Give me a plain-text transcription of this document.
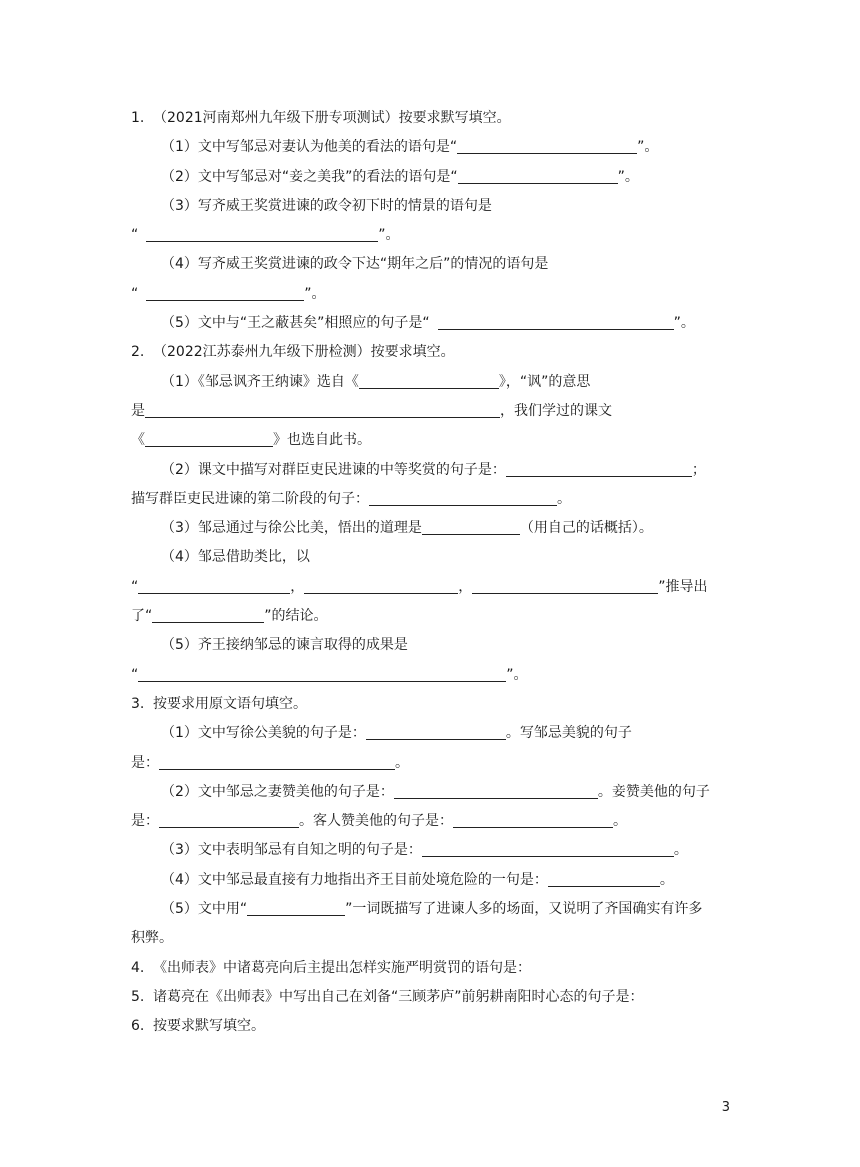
1. （2021河南郑州九年级下册专项测试）按要求默写填空。
（1）文中写邹忌对妻认为他美的看法的语句是“	”。
（2）文中写邹忌对“妾之美我”的看法的语句是“	”。
（3）写齐威王奖赏进谏的政令初下时的情景的语句是
“	”。
（4）写齐威王奖赏进谏的政令下达“期年之后”的情况的语句是
“	”。
（5）文中与“王之蔽甚矣”相照应的句子是“	”。
2. （2022江苏泰州九年级下册检测）按要求填空。
（1）《邹忌讽齐王纳谏》选自《	》，“讽”的意思
是	，我们学过的课文
《	》也选自此书。
（2）课文中描写对群臣吏民进谏的中等奖赏的句子是：	；
描写群臣吏民进谏的第二阶段的句子：	。
（3）邹忌通过与徐公比美，悟出的道理是	（用自己的话概括）。
（4）邹忌借助类比，以
“	，	，	”推导出
了“	”的结论。
（5）齐王接纳邹忌的谏言取得的成果是
“	”。
3. 按要求用原文语句填空。
（1）文中写徐公美貌的句子是：	。写邹忌美貌的句子
是：	。
（2）文中邹忌之妻赞美他的句子是：	。妾赞美他的句子
是：	。客人赞美他的句子是：	。
（3）文中表明邹忌有自知之明的句子是：	。
（4）文中邹忌最直接有力地指出齐王目前处境危险的一句是：	。
（5）文中用“	”一词既描写了进谏人多的场面，又说明了齐国确实有许多
积弊。
4. 《出师表》中诸葛亮向后主提出怎样实施严明赏罚的语句是：
5. 诸葛亮在《出师表》中写出自己在刘备“三顾茅庐”前躬耕南阳时心态的句子是：
6. 按要求默写填空。
3
